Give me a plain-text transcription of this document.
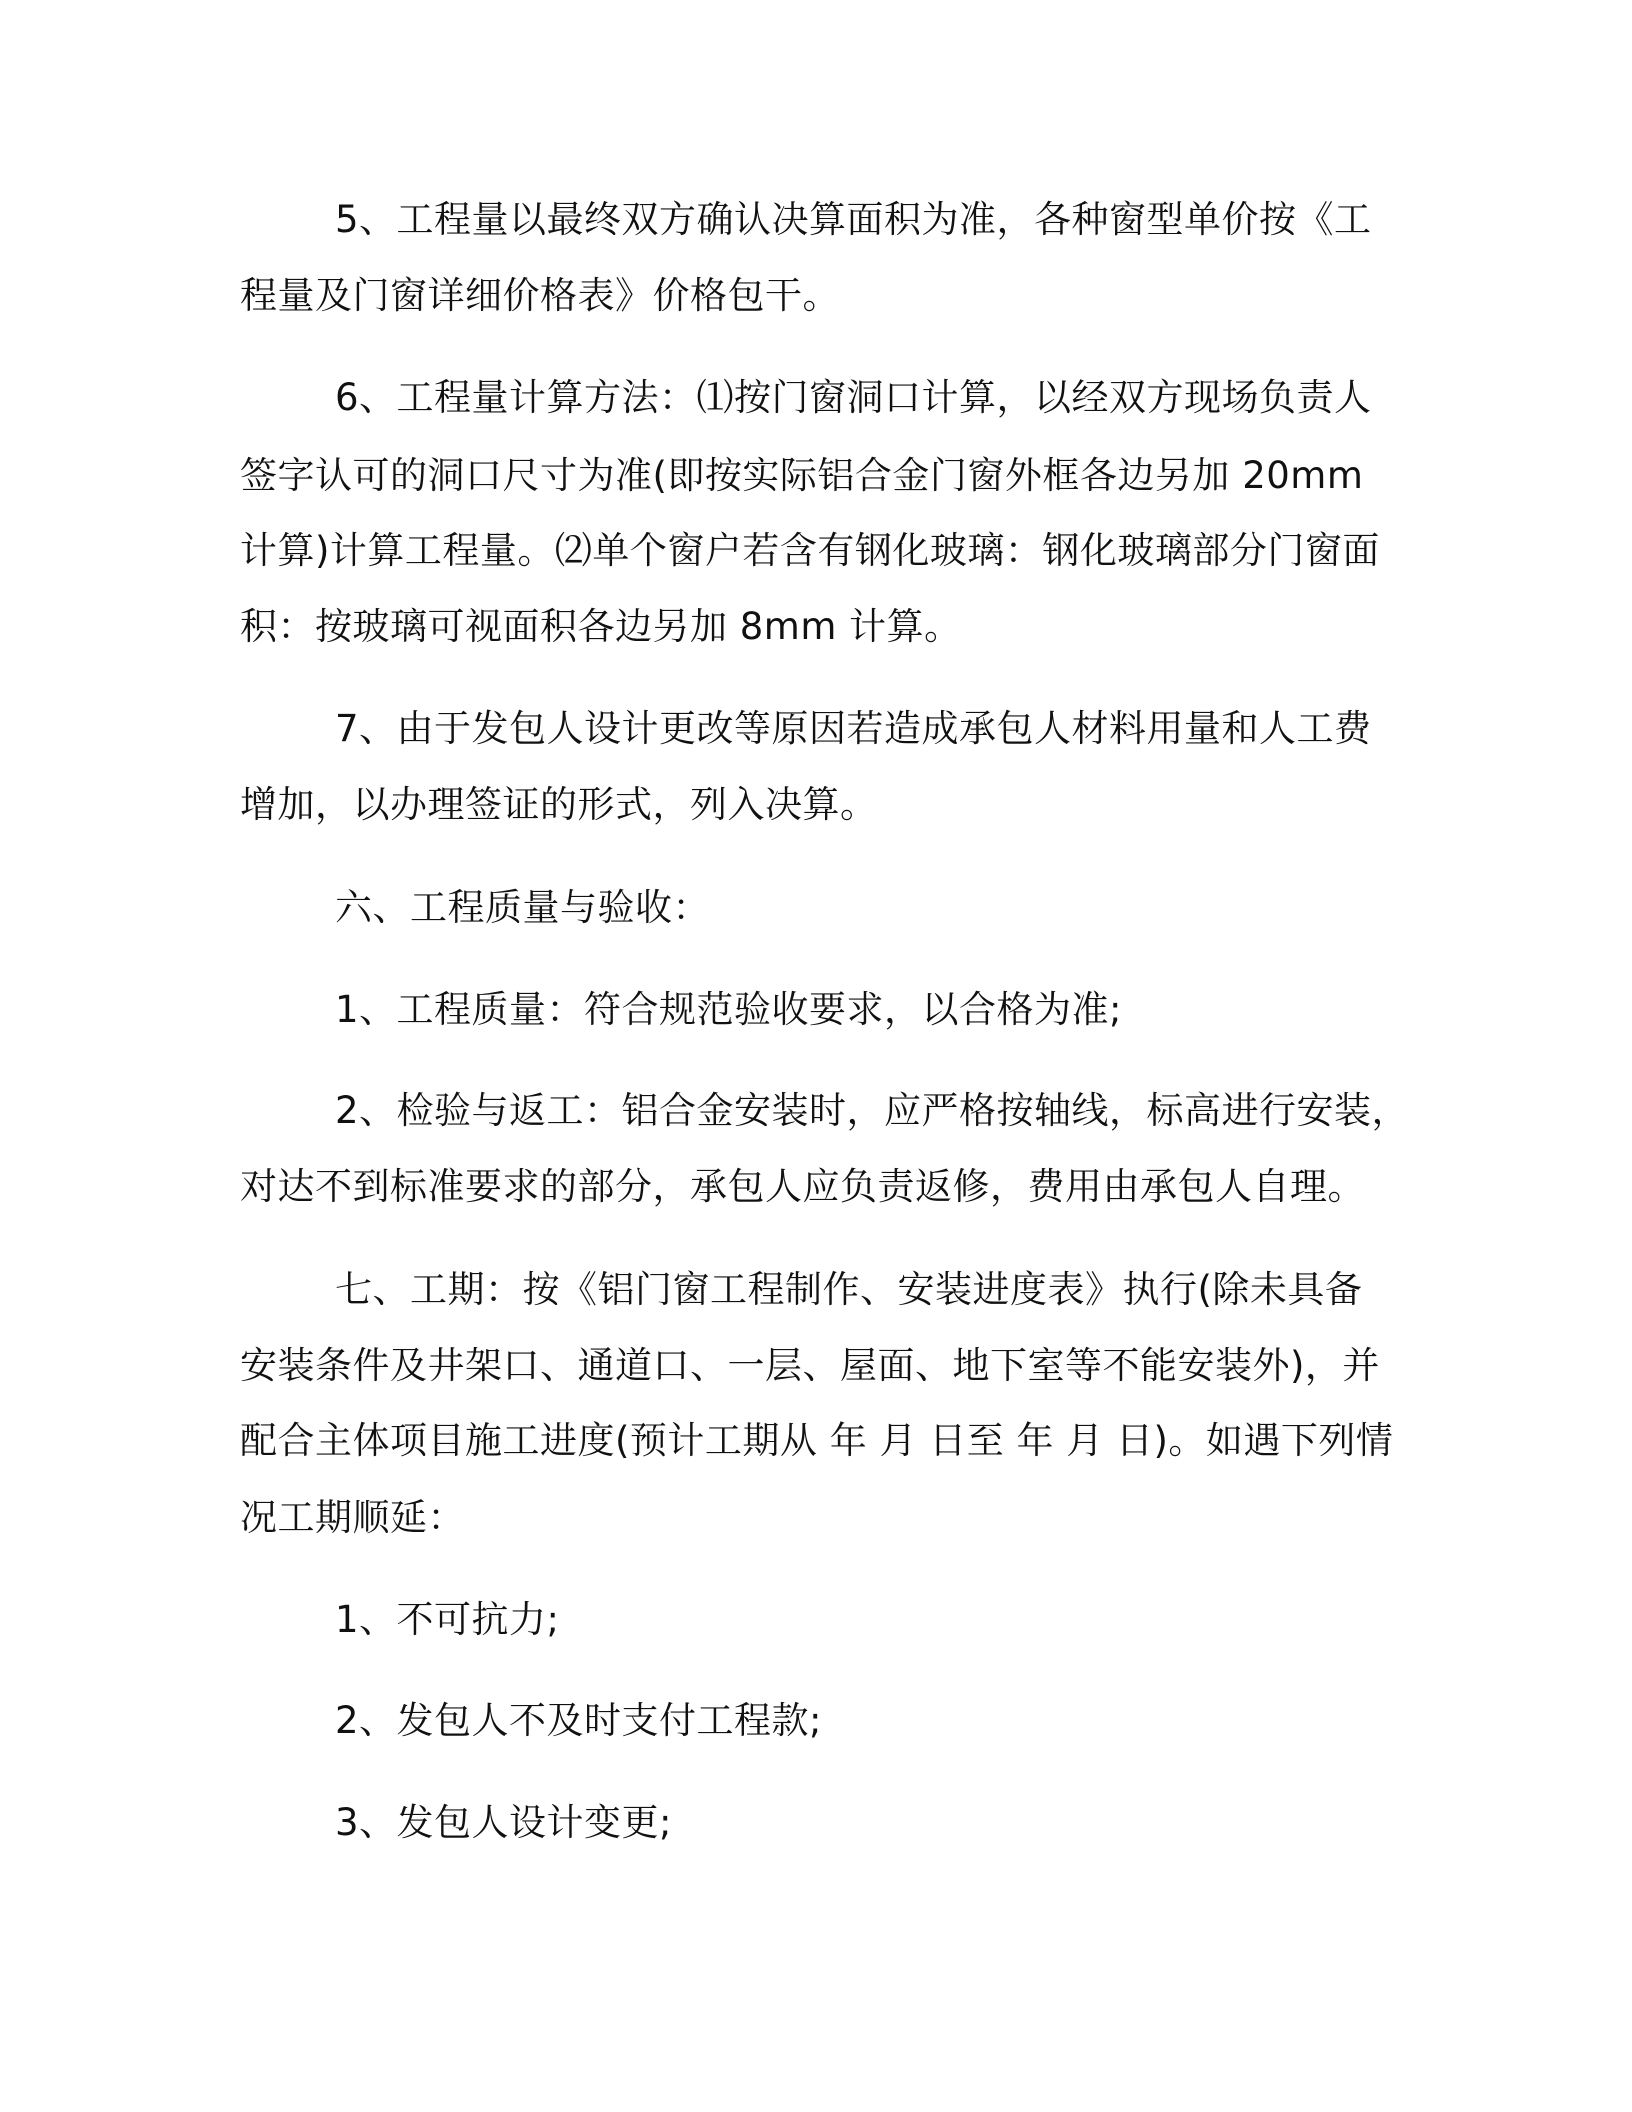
5、工程量以最终双方确认决算面积为准，各种窗型单价按《工
程量及门窗详细价格表》价格包干。
6、工程量计算方法：⑴按门窗洞口计算，以经双方现场负责人
签字认可的洞口尺寸为准(即按实际铝合金门窗外框各边另加 20mm
计算)计算工程量。⑵单个窗户若含有钢化玻璃：钢化玻璃部分门窗面
积：按玻璃可视面积各边另加 8mm 计算。
7、由于发包人设计更改等原因若造成承包人材料用量和人工费
增加，以办理签证的形式，列入决算。
六、工程质量与验收：
1、工程质量：符合规范验收要求，以合格为准;
2、检验与返工：铝合金安装时，应严格按轴线，标高进行安装，
对达不到标准要求的部分，承包人应负责返修，费用由承包人自理。
七、工期：按《铝门窗工程制作、安装进度表》执行(除未具备
安装条件及井架口、通道口、一层、屋面、地下室等不能安装外)，并
配合主体项目施工进度(预计工期从 年 月 日至 年 月 日)。如遇下列情
况工期顺延：
1、不可抗力;
2、发包人不及时支付工程款;
3、发包人设计变更;
